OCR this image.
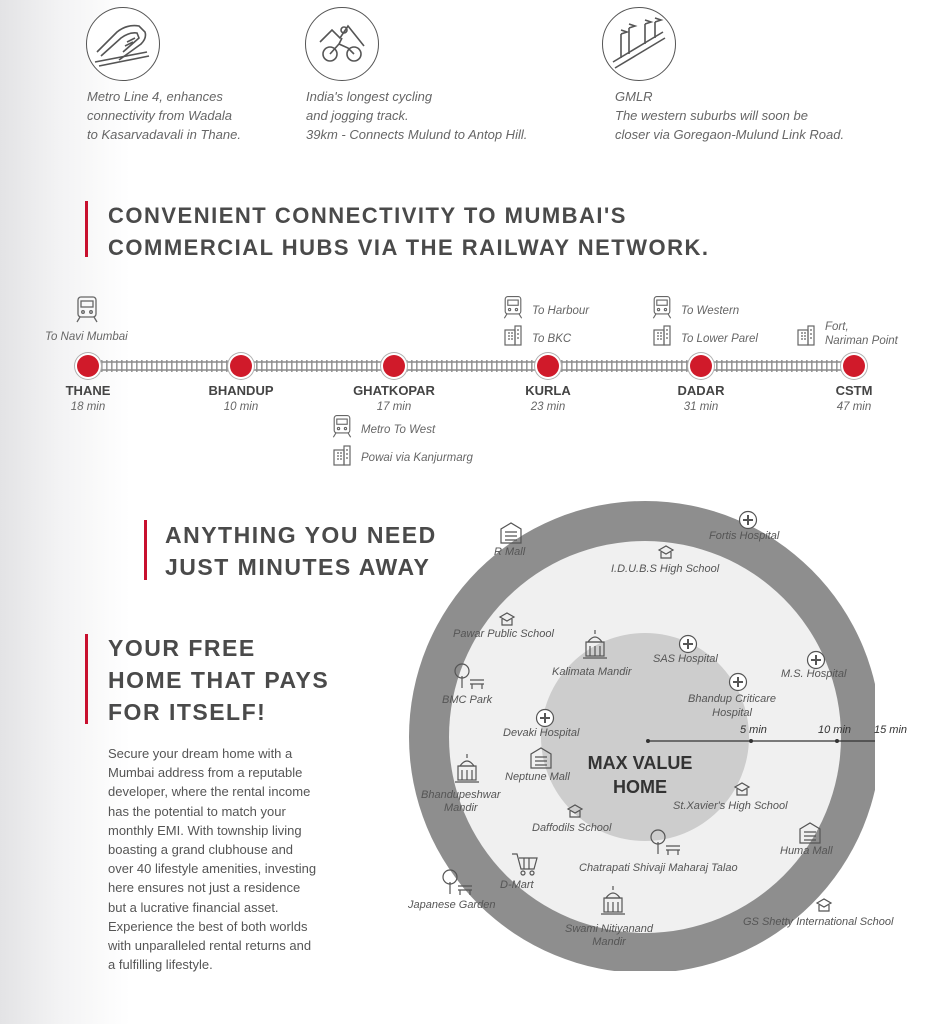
Metro Line 4, enhances
connectivity from Wadala
to Kasarvadavali in Thane.
India's longest cycling
and jogging track.
39km - Connects Mulund to Antop Hill.
GMLR
The western suburbs will soon be
closer via Goregaon-Mulund Link Road.
CONVENIENT CONNECTIVITY TO MUMBAI'S
COMMERCIAL HUBS VIA THE RAILWAY NETWORK.
THANE
18 min
BHANDUP
10 min
GHATKOPAR
17 min
KURLA
23 min
DADAR
31 min
CSTM
47 min
To Navi Mumbai
To Harbour
To BKC
To Western
To Lower Parel
Fort,
Nariman Point
Metro To West
Powai via Kanjurmarg
ANYTHING YOU NEED
JUST MINUTES AWAY
YOUR FREE
HOME THAT PAYS
FOR ITSELF!
Secure your dream home with a
Mumbai address from a reputable
developer, where the rental income
has the potential to match your
monthly EMI. With township living
boasting a grand clubhouse and
over 40 lifestyle amenities, investing
here ensures not just a residence
but a lucrative financial asset.
Experience the best of both worlds
with unparalleled rental returns and
a fulfilling lifestyle.
5 min	10 min 15 min
MAX VALUE
HOME
R Mall
Fortis Hospital
I.D.U.B.S High School
Pawar Public School
Kalimata Mandir
SAS Hospital
M.S. Hospital
BMC Park	Bhandup Criticare
Hospital
Devaki Hospital
Neptune Mall
Bhandupeshwar
Mandir	St.Xavier's High School
Daffodils School
Huma Mall
Chatrapati Shivaji Maharaj Talao
D-Mart
Japanese Garden
GS Shetty International School
Swami Nitiyanand
Mandir
